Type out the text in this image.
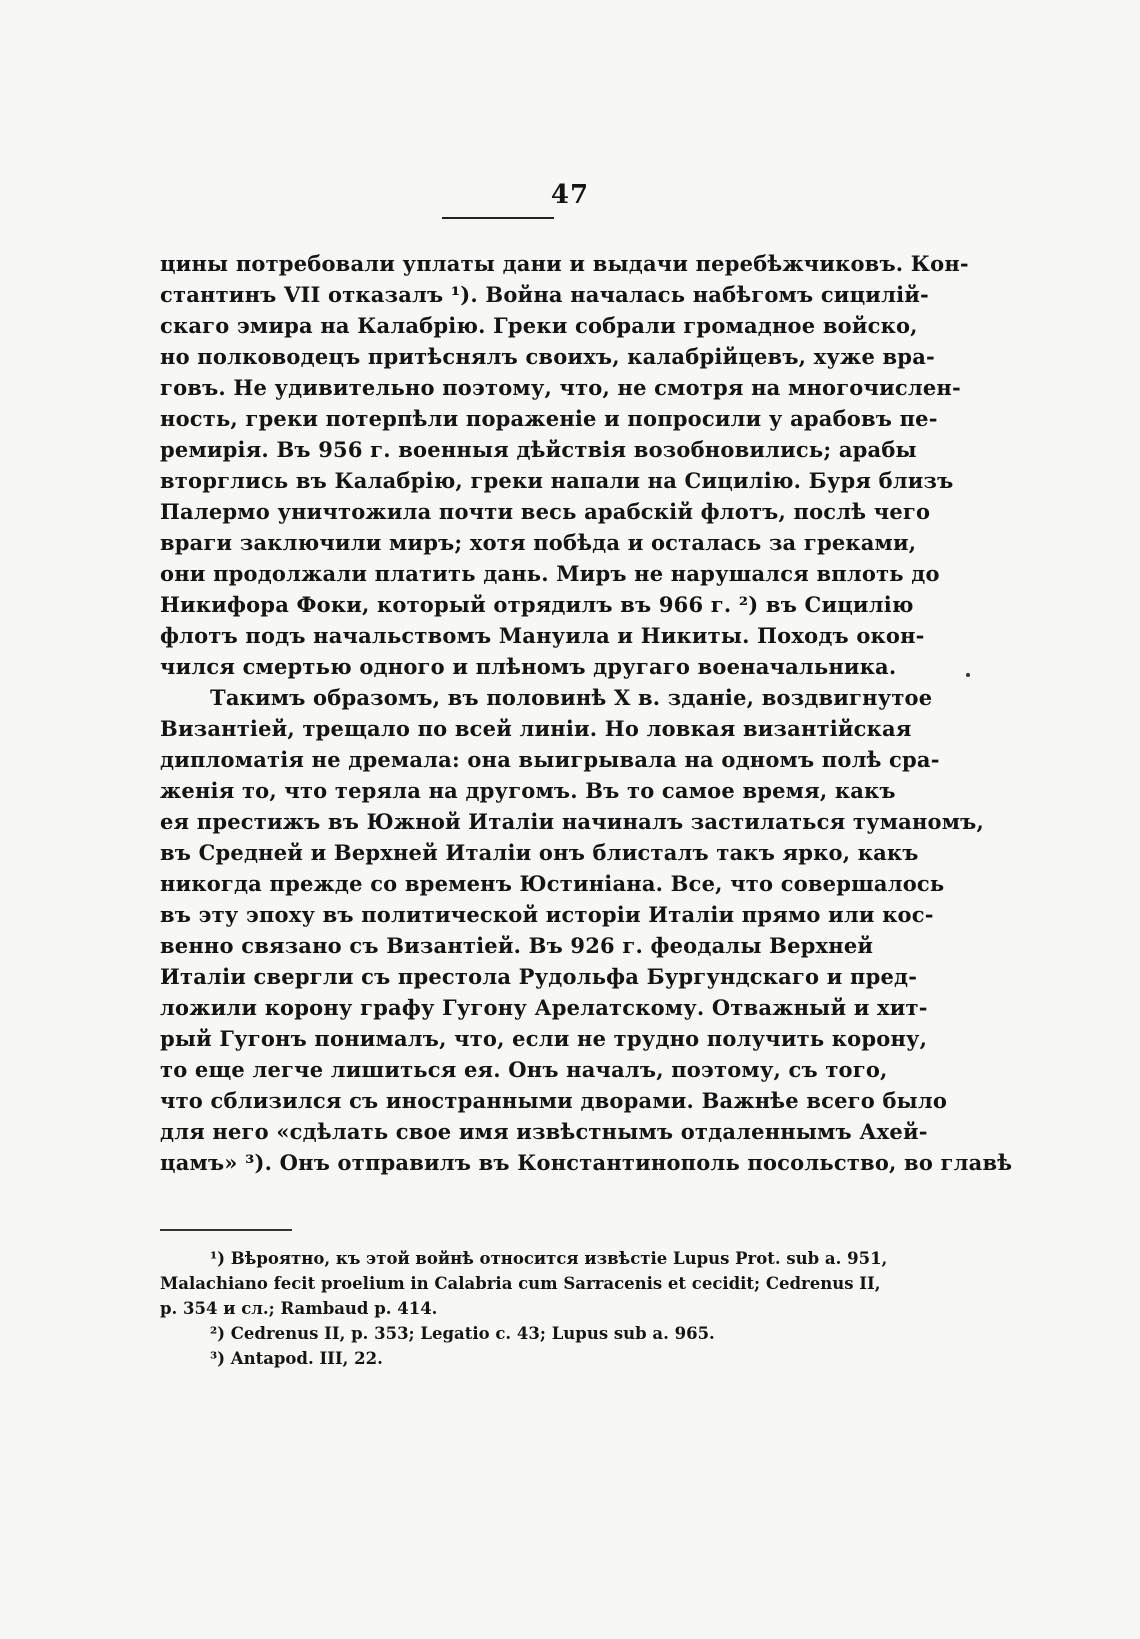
47
цины потребовали уплаты дани и выдачи перебѣжчиковъ. Кон-
стантинъ VII отказалъ ¹). Война началась набѣгомъ сицилій-
скаго эмира на Калабрію. Греки собрали громадное войско,
но полководецъ притѣснялъ своихъ, калабрійцевъ, хуже вра-
говъ. Не удивительно поэтому, что, не смотря на многочислен-
ность, греки потерпѣли пораженіе и попросили у арабовъ пе-
ремирія. Въ 956 г. военныя дѣйствія возобновились; арабы
вторглись въ Калабрію, греки напали на Сицилію. Буря близъ
Палермо уничтожила почти весь арабскій флотъ, послѣ чего
враги заключили миръ; хотя побѣда и осталась за греками,
они продолжали платить дань. Миръ не нарушался вплоть до
Никифора Фоки, который отрядилъ въ 966 г. ²) въ Сицилію
флотъ подъ начальствомъ Мануила и Никиты. Походъ окон-
чился смертью одного и плѣномъ другаго военачальника.
Такимъ образомъ, въ половинѣ X в. зданіе, воздвигнутое
Византіей, трещало по всей линіи. Но ловкая византійская
дипломатія не дремала: она выигрывала на одномъ полѣ сра-
женія то, что теряла на другомъ. Въ то самое время, какъ
ея престижъ въ Южной Италіи начиналъ застилаться туманомъ,
въ Средней и Верхней Италіи онъ блисталъ такъ ярко, какъ
никогда прежде со временъ Юстиніана. Все, что совершалось
въ эту эпоху въ политической исторіи Италіи прямо или кос-
венно связано съ Византіей. Въ 926 г. феодалы Верхней
Италіи свергли съ престола Рудольфа Бургундскаго и пред-
ложили корону графу Гугону Арелатскому. Отважный и хит-
рый Гугонъ понималъ, что, если не трудно получить корону,
то еще легче лишиться ея. Онъ началъ, поэтому, съ того,
что сблизился съ иностранными дворами. Важнѣе всего было
для него «сдѣлать свое имя извѣстнымъ отдаленнымъ Ахей-
цамъ» ³). Онъ отправилъ въ Константинополь посольство, во главѣ
¹) Вѣроятно, къ этой войнѣ относится извѣстіе Lupus Prot. sub a. 951,
Malachiano fecit proelium in Calabria cum Sarracenis et cecidit; Cedrenus II,
p. 354 и сл.; Rambaud p. 414.
²) Cedrenus II, p. 353; Legatio c. 43; Lupus sub a. 965.
³) Antapod. III, 22.
